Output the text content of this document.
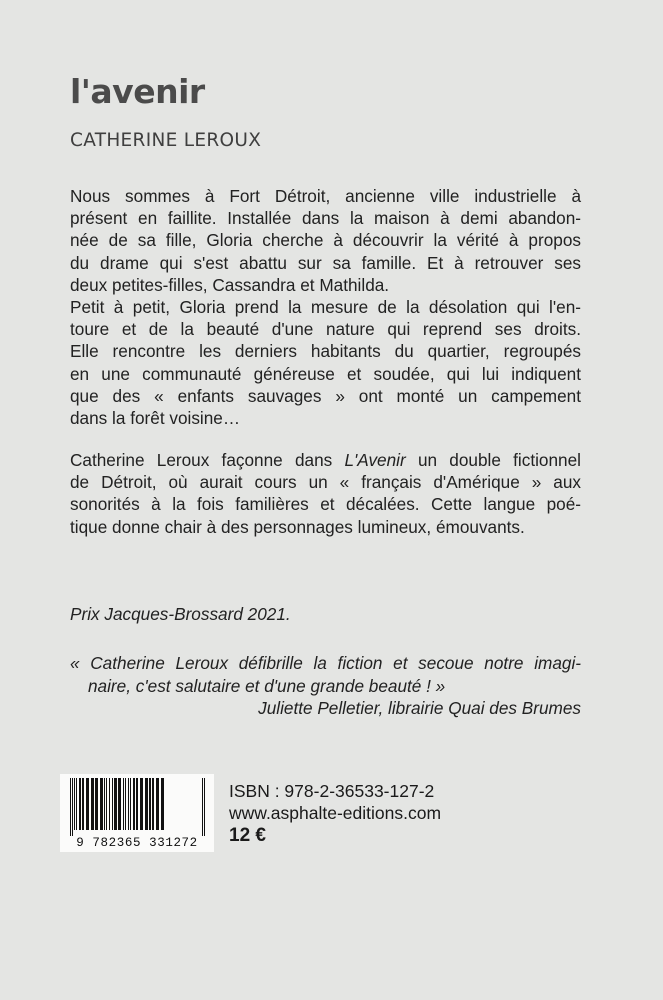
l'avenir
CATHERINE LEROUX
Nous sommes à Fort Détroit, ancienne ville industrielle à
présent en faillite. Installée dans la maison à demi abandon-
née de sa fille, Gloria cherche à découvrir la vérité à propos
du drame qui s'est abattu sur sa famille. Et à retrouver ses
deux petites-filles, Cassandra et Mathilda.
Petit à petit, Gloria prend la mesure de la désolation qui l'en-
toure et de la beauté d'une nature qui reprend ses droits.
Elle rencontre les derniers habitants du quartier, regroupés
en une communauté généreuse et soudée, qui lui indiquent
que des « enfants sauvages » ont monté un campement
dans la forêt voisine…
Catherine Leroux façonne dans L'Avenir un double fictionnel
de Détroit, où aurait cours un « français d'Amérique » aux
sonorités à la fois familières et décalées. Cette langue poé-
tique donne chair à des personnages lumineux, émouvants.
Prix Jacques-Brossard 2021.
« Catherine Leroux défibrille la fiction et secoue notre imagi-
naire, c'est salutaire et d'une grande beauté ! »
Juliette Pelletier, librairie Quai des Brumes
9 782365 331272
ISBN : 978-2-36533-127-2
www.asphalte-editions.com
12 €
